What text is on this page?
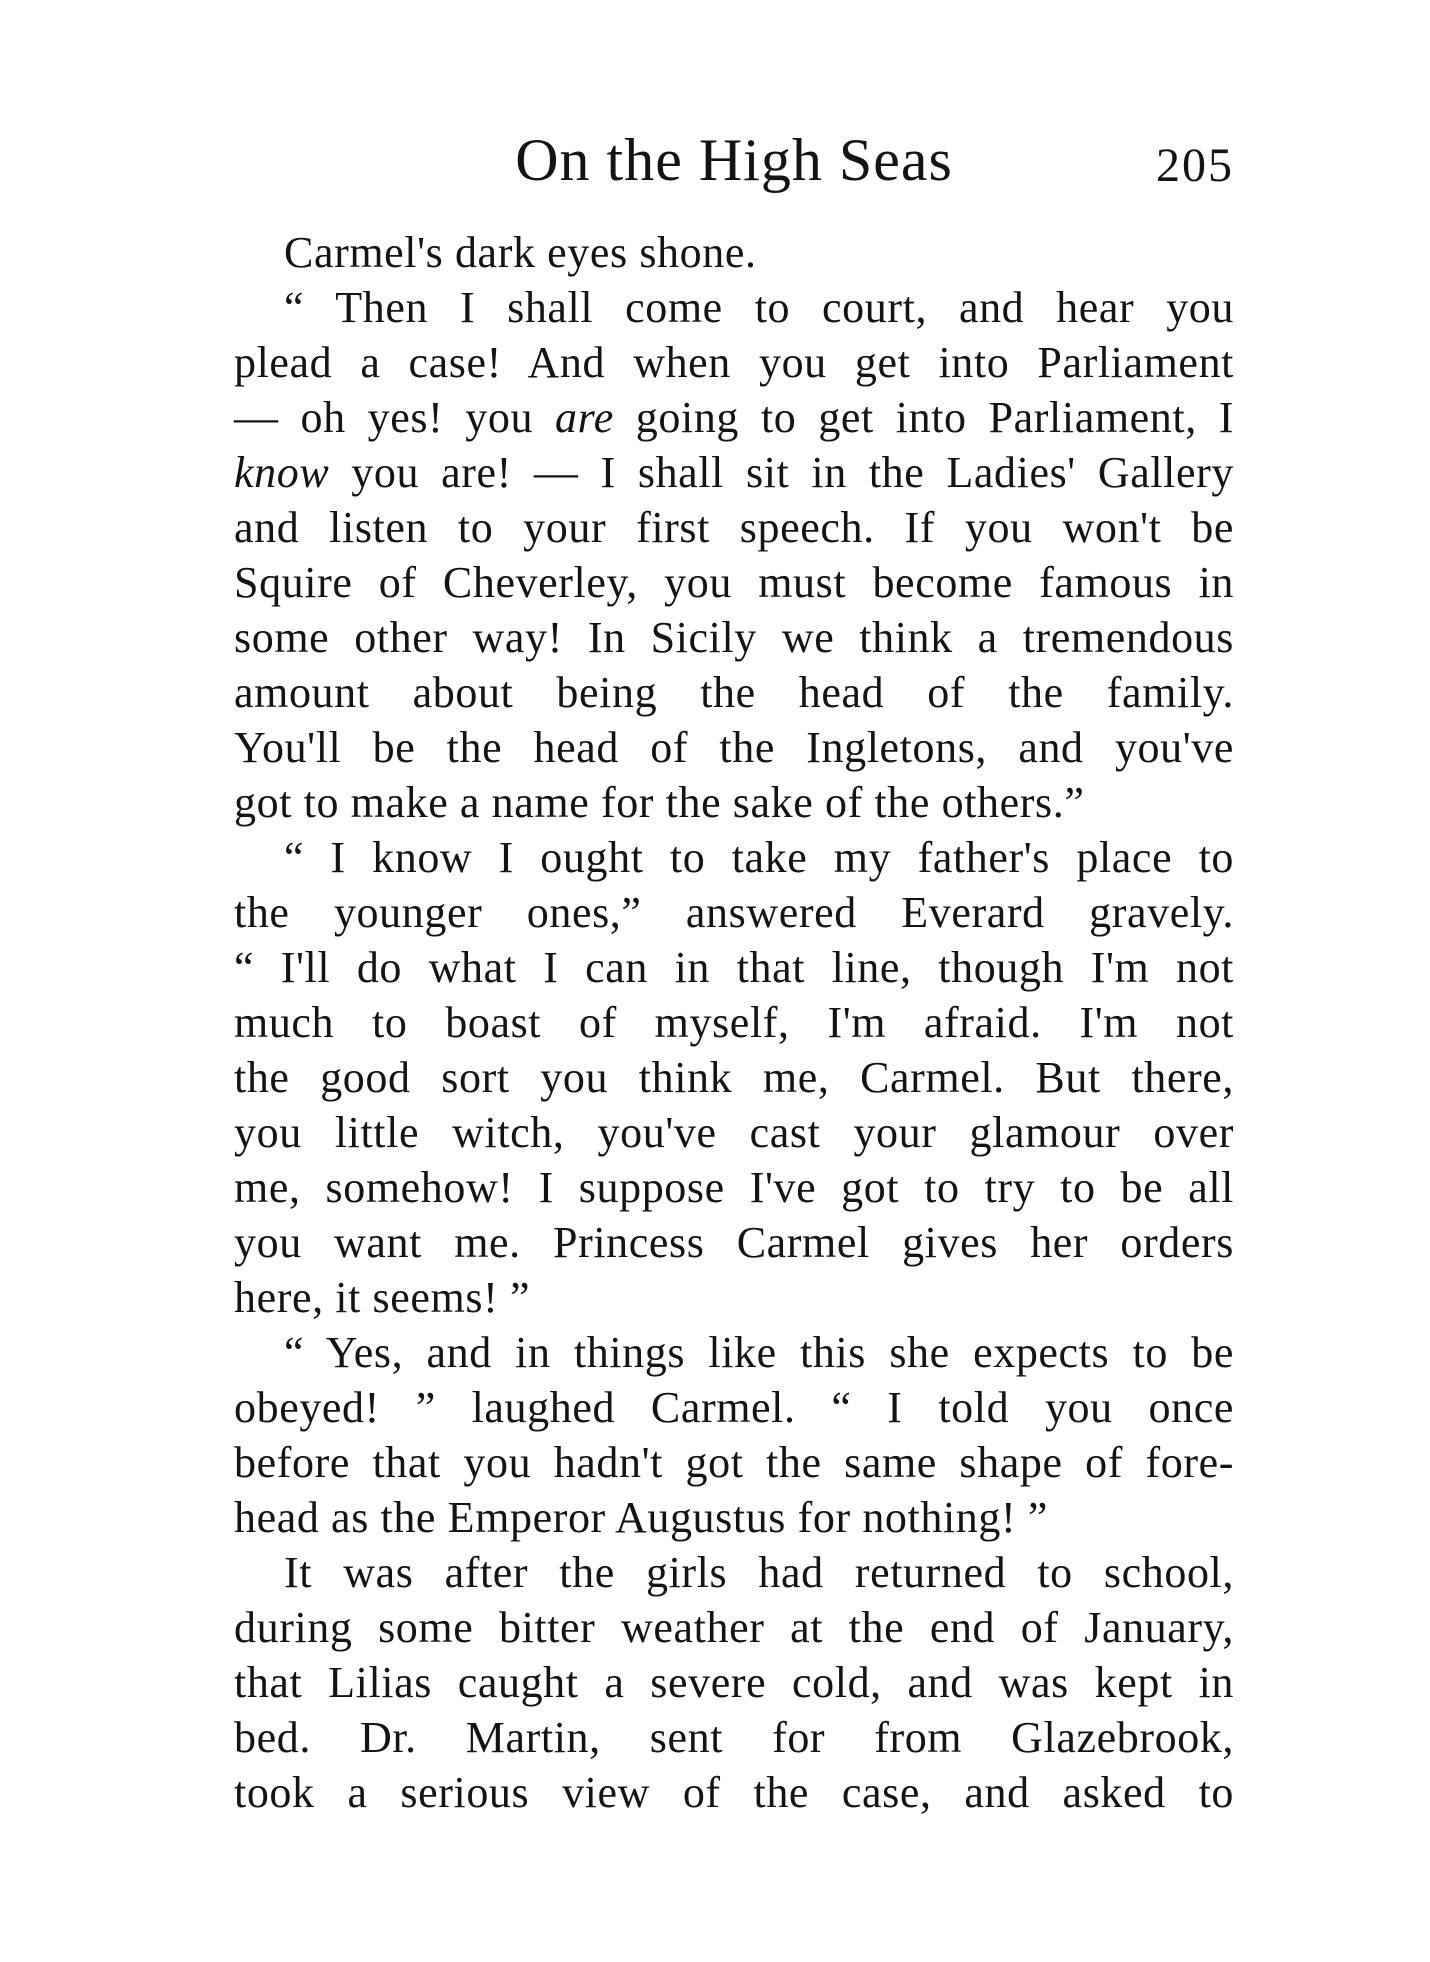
On the High Seas	205
Carmel's dark eyes shone.
“ Then I shall come to court, and hear you
plead a case! And when you get into Parliament
— oh yes! you are going to get into Parliament, I
know you are! — I shall sit in the Ladies' Gallery
and listen to your first speech. If you won't be
Squire of Cheverley, you must become famous in
some other way! In Sicily we think a tremendous
amount about being the head of the family.
You'll be the head of the Ingletons, and you've
got to make a name for the sake of the others.”
“ I know I ought to take my father's place to
the younger ones,” answered Everard gravely.
“ I'll do what I can in that line, though I'm not
much to boast of myself, I'm afraid. I'm not
the good sort you think me, Carmel. But there,
you little witch, you've cast your glamour over
me, somehow! I suppose I've got to try to be all
you want me. Princess Carmel gives her orders
here, it seems! ”
“ Yes, and in things like this she expects to be
obeyed! ” laughed Carmel. “ I told you once
before that you hadn't got the same shape of fore-
head as the Emperor Augustus for nothing! ”
It was after the girls had returned to school,
during some bitter weather at the end of January,
that Lilias caught a severe cold, and was kept in
bed. Dr. Martin, sent for from Glazebrook,
took a serious view of the case, and asked to
